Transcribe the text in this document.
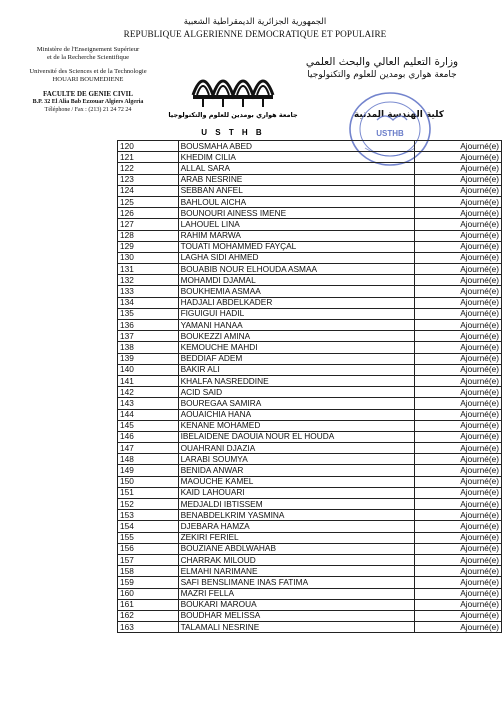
الجمهورية الجزائرية الديمقراطية الشعبية
REPUBLIQUE ALGERIENNE DEMOCRATIQUE ET POPULAIRE
Ministère de l'Enseignement Supérieur
et de la Recherche Scientifique
Université des Sciences et de la Technologie
HOUARI BOUMEDIENE
FACULTE DE GENIE CIVIL
B.P. 32 El Alia Bab Ezzouar Algiers Algeria
Téléphone / Fax : (213) 21 24 72 24
جامعة هواري بومدين للعلوم والتكنولوجيا
U S T H B
وزارة التعليم العالي والبحث العلمي
جامعة هواري بومدين للعلوم والتكنولوجيا
كلية الهندسة المدنية
USTHB
120	BOUSMAHA ABED	Ajourné(e)
121	KHEDIM CILIA	Ajourné(e)
122	ALLAL SARA	Ajourné(e)
123	ARAB NESRINE	Ajourné(e)
124	SEBBAN ANFEL	Ajourné(e)
125	BAHLOUL AICHA	Ajourné(e)
126	BOUNOURI AINESS IMENE	Ajourné(e)
127	LAHOUEL LINA	Ajourné(e)
128	RAHIM MARWA	Ajourné(e)
129	TOUATI MOHAMMED FAYÇAL	Ajourné(e)
130	LAGHA SIDI AHMED	Ajourné(e)
131	BOUABIB NOUR ELHOUDA ASMAA	Ajourné(e)
132	MOHAMDI DJAMAL	Ajourné(e)
133	BOUKHEMIA ASMAA	Ajourné(e)
134	HADJALI ABDELKADER	Ajourné(e)
135	FIGUIGUI HADIL	Ajourné(e)
136	YAMANI HANAA	Ajourné(e)
137	BOUKEZZI AMINA	Ajourné(e)
138	KEMOUCHE MAHDI	Ajourné(e)
139	BEDDIAF ADEM	Ajourné(e)
140	BAKIR ALI	Ajourné(e)
141	KHALFA NASREDDINE	Ajourné(e)
142	ACID SAID	Ajourné(e)
143	BOUREGAA SAMIRA	Ajourné(e)
144	AOUAICHIA HANA	Ajourné(e)
145	KENANE MOHAMED	Ajourné(e)
146	IBELAIDENE DAOUIA NOUR EL HOUDA	Ajourné(e)
147	OUAHRANI DJAZIA	Ajourné(e)
148	LARABI SOUMYA	Ajourné(e)
149	BENIDA ANWAR	Ajourné(e)
150	MAOUCHE KAMEL	Ajourné(e)
151	KAID LAHOUARI	Ajourné(e)
152	MEDJALDI IBTISSEM	Ajourné(e)
153	BENABDELKRIM YASMINA	Ajourné(e)
154	DJEBARA HAMZA	Ajourné(e)
155	ZEKIRI FERIEL	Ajourné(e)
156	BOUZIANE ABDLWAHAB	Ajourné(e)
157	CHARRAK MILOUD	Ajourné(e)
158	ELMAHI NARIMANE	Ajourné(e)
159	SAFI BENSLIMANE INAS FATIMA	Ajourné(e)
160	MAZRI FELLA	Ajourné(e)
161	BOUKARI MAROUA	Ajourné(e)
162	BOUDHAR MELISSA	Ajourné(e)
163	TALAMALI NESRINE	Ajourné(e)
